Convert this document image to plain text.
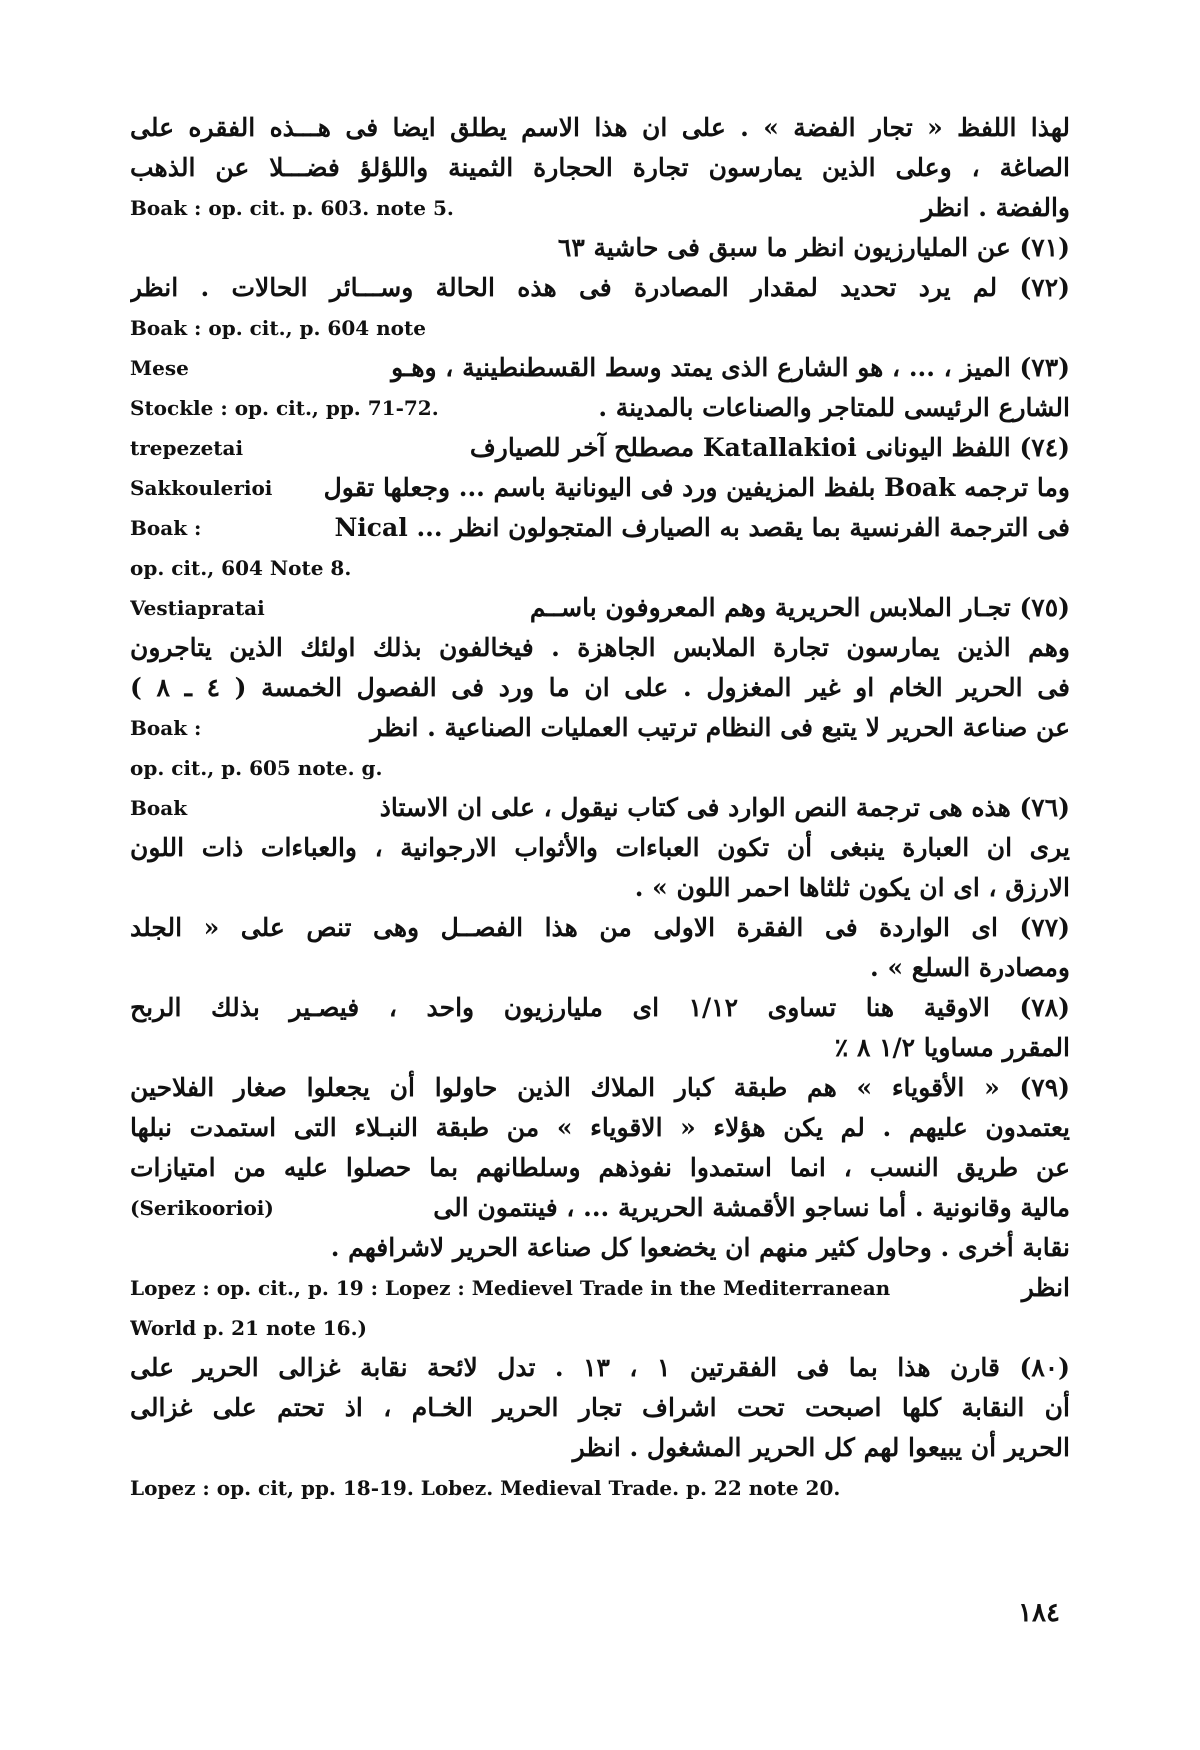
لهذا اللفظ « تجار الفضة » . على ان هذا الاسم يطلق ايضا فى هـــذه الفقره على
الصاغة ، وعلى الذين يمارسون تجارة الحجارة الثمينة واللؤلؤ فضـــلا عن الذهب
Boak : op. cit. p. 603. note 5.	والفضة . انظر
(٧١) عن المليارزيون انظر ما سبق فى حاشية ٦٣
(٧٢) لم يرد تحديد لمقدار المصادرة فى هذه الحالة وســـائر الحالات . انظر
Boak : op. cit., p. 604 note
Mese	(٧٣) الميز ، ... ، هو الشارع الذى يمتد وسط القسطنطينية ، وهـو
Stockle : op. cit., pp. 71-72.	الشارع الرئيسى للمتاجر والصناعات بالمدينة .
trepezetai	(٧٤) اللفظ اليونانى Katallakioi مصطلح آخر للصيارف
Sakkoulerioi وما ترجمه Boak بلفظ المزيفين ورد فى اليونانية باسم ... وجعلها تقول
Boak :	فى الترجمة الفرنسية بما يقصد به الصيارف المتجولون انظر ... Nical
op. cit., 604 Note 8.
Vestiapratai	(٧٥) تجـار الملابس الحريرية وهم المعروفون باســم
وهم الذين يمارسون تجارة الملابس الجاهزة . فيخالفون بذلك اولئك الذين يتاجرون
فى الحرير الخام او غير المغزول . على ان ما ورد فى الفصول الخمسة ( ٤ ـ ٨ )
Boak :	عن صناعة الحرير لا يتبع فى النظام ترتيب العمليات الصناعية . انظر
op. cit., p. 605 note. g.
Boak	(٧٦) هذه هى ترجمة النص الوارد فى كتاب نيقول ، على ان الاستاذ
يرى ان العبارة ينبغى أن تكون العباءات والأثواب الارجوانية ، والعباءات ذات اللون
الارزق ، اى ان يكون ثلثاها احمر اللون » .
(٧٧) اى الواردة فى الفقرة الاولى من هذا الفصــل وهى تنص على « الجلد
ومصادرة السلع » .
(٧٨) الاوقية هنا تساوى ١/١٢ اى مليارزيون واحد ، فيصـير بذلك الربح
المقرر مساويا ١/٢ ٨ ٪
(٧٩) « الأقوياء » هم طبقة كبار الملاك الذين حاولوا أن يجعلوا صغار الفلاحين
يعتمدون عليهم . لم يكن هؤلاء « الاقوياء » من طبقة النبـلاء التى استمدت نبلها
عن طريق النسب ، انما استمدوا نفوذهم وسلطانهم بما حصلوا عليه من امتيازات
(Serikoorioi)	مالية وقانونية . أما نساجو الأقمشة الحريرية ... ، فينتمون الى
نقابة أخرى . وحاول كثير منهم ان يخضعوا كل صناعة الحرير لاشرافهم .
Lopez : op. cit., p. 19 : Lopez : Medievel Trade in the Mediterranean	انظر
World p. 21 note 16.)
(٨٠) قارن هذا بما فى الفقرتين ١ ، ١٣ . تدل لائحة نقابة غزالى الحرير على
أن النقابة كلها اصبحت تحت اشراف تجار الحرير الخـام ، اذ تحتم على غزالى
الحرير أن يبيعوا لهم كل الحرير المشغول . انظر
Lopez : op. cit, pp. 18-19. Lobez. Medieval Trade. p. 22 note 20.
١٨٤
